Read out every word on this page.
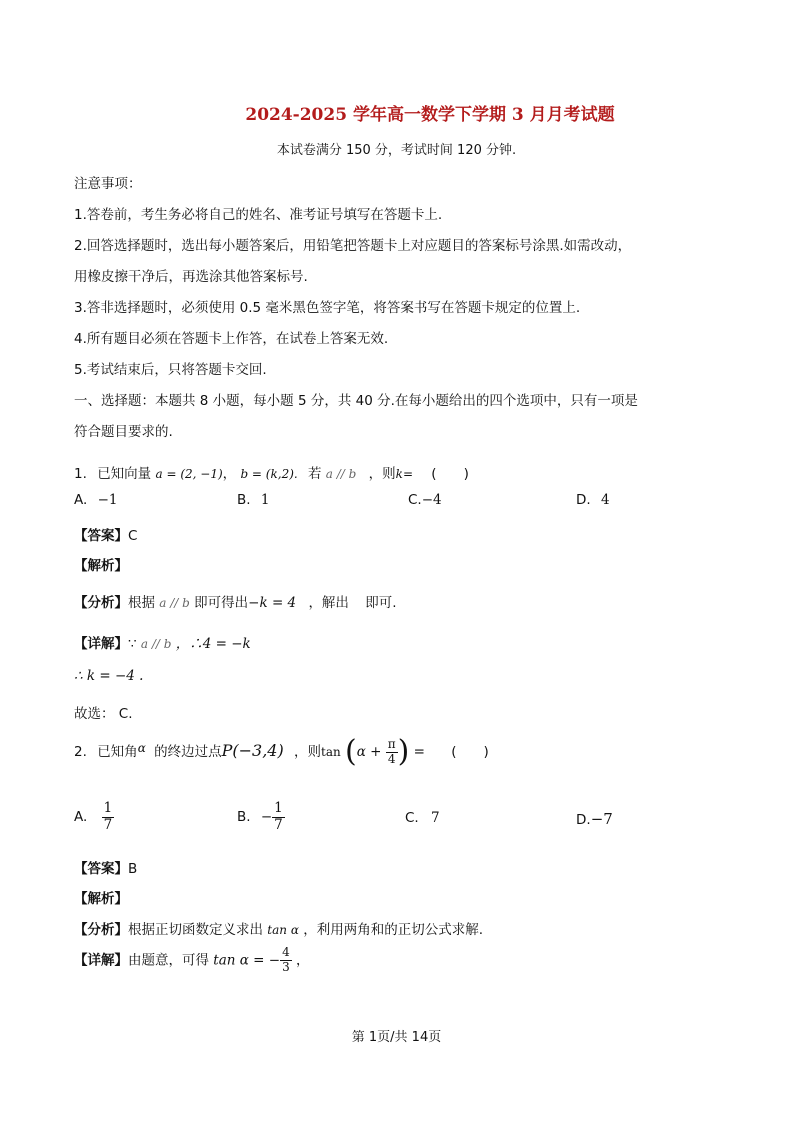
2024-2025 学年高一数学下学期 3 月月考试题
本试卷满分 150 分，考试时间 120 分钟.
注意事项：
1.答卷前，考生务必将自己的姓名、准考证号填写在答题卡上.
2.回答选择题时，选出每小题答案后，用铅笔把答题卡上对应题目的答案标号涂黑.如需改动，
用橡皮擦干净后，再选涂其他答案标号.
3.答非选择题时，必须使用 0.5 毫米黑色签字笔，将答案书写在答题卡规定的位置上.
4.所有题目必须在答题卡上作答，在试卷上答案无效.
5.考试结束后，只将答题卡交回.
一、选择题：本题共 8 小题，每小题 5 分，共 40 分.在每小题给出的四个选项中，只有一项是
符合题目要求的.
1. 已知向量 a = (2, −1)， b = (k,2). 若 a // b ，则k= (　　)
A. −1	B. 1	C.−4	D. 4
【答案】C
【解析】
【分析】根据 a // b 即可得出−k = 4 ，解出 即可.
【详解】∵ a // b ，∴4 = −k
∴ k = −4 .
故选： C.
2. 已知角α 的终边过点P(−3,4) ，则$\tan (\alpha + \frac{\pi}{4}$ ) = (　　)
A. $\frac{1}{7}$	B. − $\frac{1}{7}$	C. 7	D.−7
【答案】B
【解析】
【分析】根据正切函数定义求出 tan α ，利用两角和的正切公式求解.
【详解】由题意，可得 tan α = − $\frac{4}{3}$ ，
第 1页/共 14页
